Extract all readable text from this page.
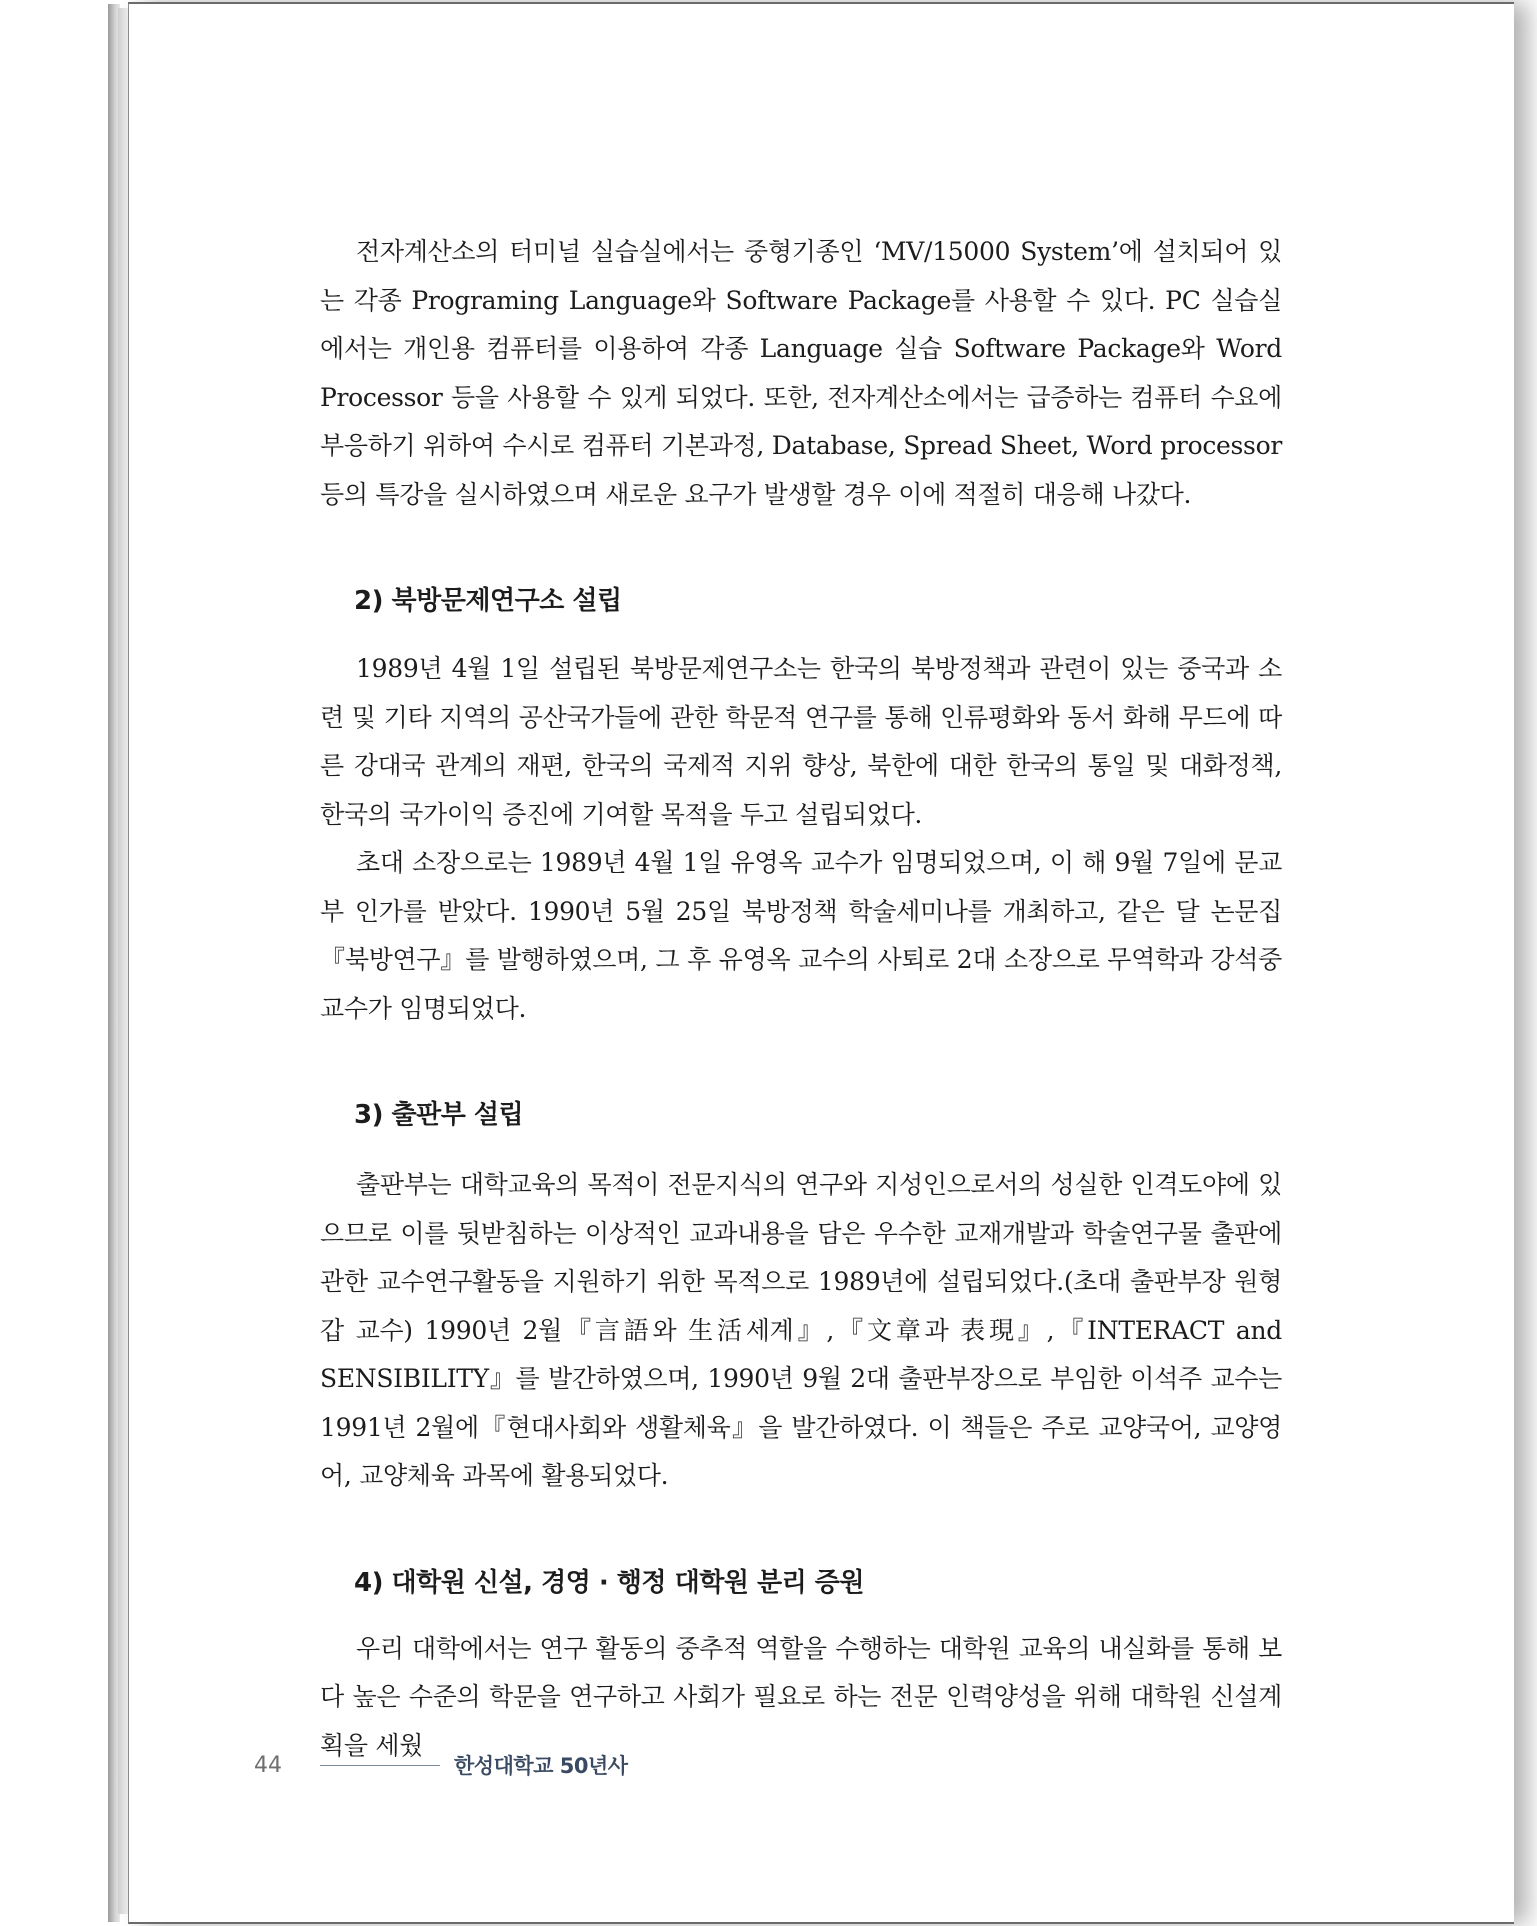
전자계산소의 터미널 실습실에서는 중형기종인 ‘MV/15000 System’에 설치되어 있는 각종 Programing Language와 Software Package를 사용할 수 있다. PC 실습실에서는 개인용 컴퓨터를 이용하여 각종 Language 실습 Software Package와 Word Processor 등을 사용할 수 있게 되었다. 또한, 전자계산소에서는 급증하는 컴퓨터 수요에 부응하기 위하여 수시로 컴퓨터 기본과정, Database, Spread Sheet, Word processor 등의 특강을 실시하였으며 새로운 요구가 발생할 경우 이에 적절히 대응해 나갔다.

2) 북방문제연구소 설립

1989년 4월 1일 설립된 북방문제연구소는 한국의 북방정책과 관련이 있는 중국과 소련 및 기타 지역의 공산국가들에 관한 학문적 연구를 통해 인류평화와 동서 화해 무드에 따른 강대국 관계의 재편, 한국의 국제적 지위 향상, 북한에 대한 한국의 통일 및 대화정책, 한국의 국가이익 증진에 기여할 목적을 두고 설립되었다.

초대 소장으로는 1989년 4월 1일 유영옥 교수가 임명되었으며, 이 해 9월 7일에 문교부 인가를 받았다. 1990년 5월 25일 북방정책 학술세미나를 개최하고, 같은 달 논문집『북방연구』를 발행하였으며, 그 후 유영옥 교수의 사퇴로 2대 소장으로 무역학과 강석중 교수가 임명되었다.

3) 출판부 설립

출판부는 대학교육의 목적이 전문지식의 연구와 지성인으로서의 성실한 인격도야에 있으므로 이를 뒷받침하는 이상적인 교과내용을 담은 우수한 교재개발과 학술연구물 출판에 관한 교수연구활동을 지원하기 위한 목적으로 1989년에 설립되었다.(초대 출판부장 원형갑 교수) 1990년 2월『言語와 生活세계』,『文章과 表現』,『INTERACT and SENSIBILITY』를 발간하였으며, 1990년 9월 2대 출판부장으로 부임한 이석주 교수는 1991년 2월에『현대사회와 생활체육』을 발간하였다. 이 책들은 주로 교양국어, 교양영어, 교양체육 과목에 활용되었다.

4) 대학원 신설, 경영 · 행정 대학원 분리 증원

우리 대학에서는 연구 활동의 중추적 역할을 수행하는 대학원 교육의 내실화를 통해 보다 높은 수준의 학문을 연구하고 사회가 필요로 하는 전문 인력양성을 위해 대학원 신설계획을 세웠

44	한성대학교 50년사
